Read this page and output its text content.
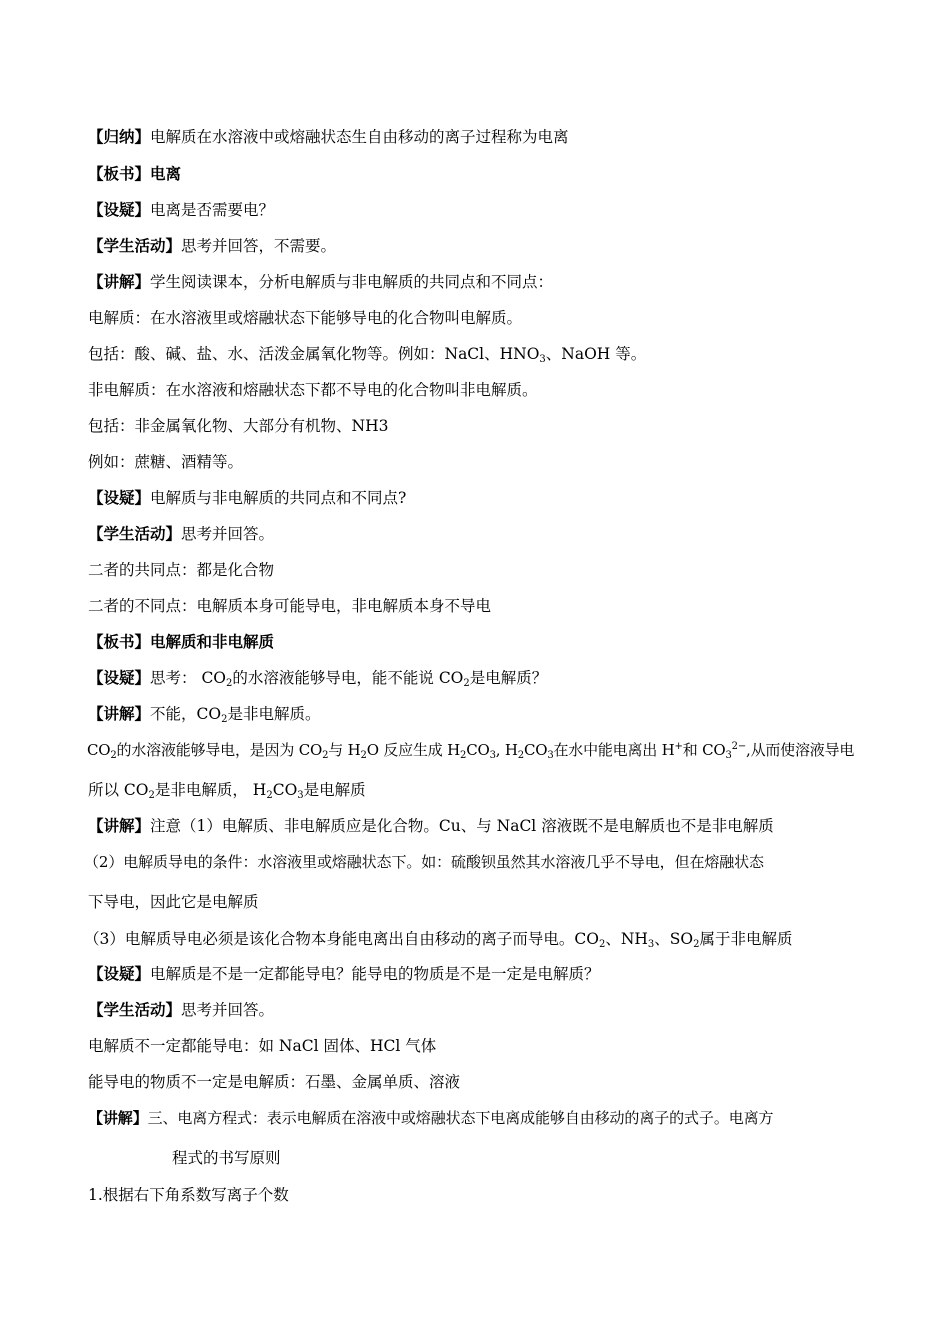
【归纳】电解质在水溶液中或熔融状态生自由移动的离子过程称为电离
【板书】电离
【设疑】电离是否需要电？
【学生活动】思考并回答，不需要。
【讲解】学生阅读课本，分析电解质与非电解质的共同点和不同点：
电解质：在水溶液里或熔融状态下能够导电的化合物叫电解质。
包括：酸、碱、盐、水、活泼金属氧化物等。例如：NaCl、$HNO_3$、NaOH 等。
非电解质：在水溶液和熔融状态下都不导电的化合物叫非电解质。
包括：非金属氧化物、大部分有机物、NH3
例如：蔗糖、酒精等。
【设疑】电解质与非电解质的共同点和不同点?
【学生活动】思考并回答。
二者的共同点：都是化合物
二者的不同点：电解质本身可能导电，非电解质本身不导电
【板书】电解质和非电解质
【设疑】思考： $CO_2$的水溶液能够导电，能不能说 $CO_2$是电解质？
【讲解】不能，$CO_2$是非电解质。
$CO_2$的水溶液能够导电，是因为 $CO_2$与 $H_2O$ 反应生成 $H_2CO_3$, $H_2CO_3$在水中能电离出 H+和 $CO_3^{2-}$,从而使溶液导电
所以 $CO_2$是非电解质， $H_2CO_3$是电解质
【讲解】注意（1）电解质、非电解质应是化合物。Cu、与 NaCl 溶液既不是电解质也不是非电解质
（2）电解质导电的条件：水溶液里或熔融状态下。如：硫酸钡虽然其水溶液几乎不导电，但在熔融状态
下导电，因此它是电解质
（3）电解质导电必须是该化合物本身能电离出自由移动的离子而导电。$CO_2$、$NH_3$、$SO_2$属于非电解质
【设疑】电解质是不是一定都能导电？能导电的物质是不是一定是电解质？
【学生活动】思考并回答。
电解质不一定都能导电：如 NaCl 固体、HCl 气体
能导电的物质不一定是电解质：石墨、金属单质、溶液
【讲解】三、电离方程式：表示电解质在溶液中或熔融状态下电离成能够自由移动的离子的式子。电离方
程式的书写原则
1.根据右下角系数写离子个数
